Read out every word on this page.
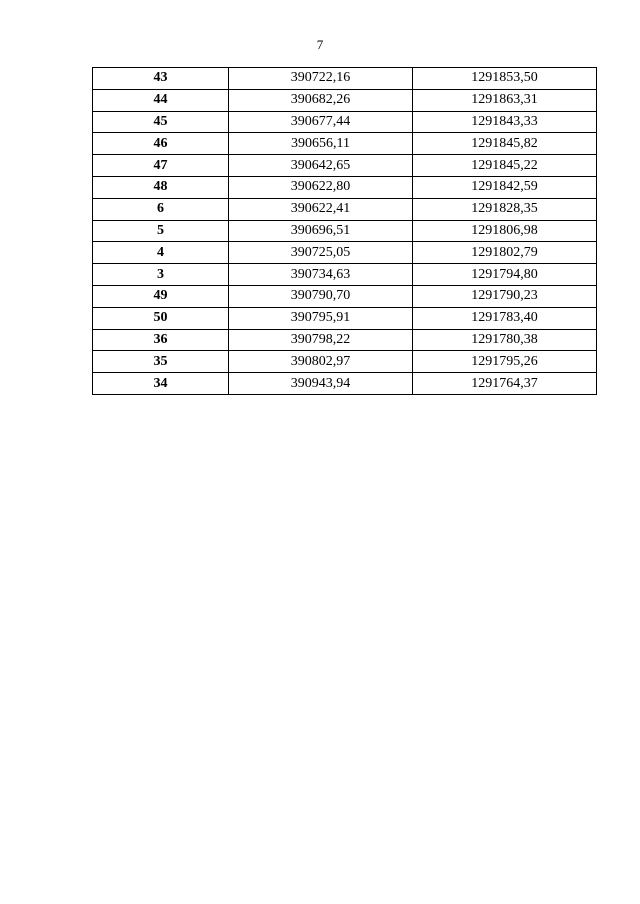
7
43	390722,16	1291853,50
44	390682,26	1291863,31
45	390677,44	1291843,33
46	390656,11	1291845,82
47	390642,65	1291845,22
48	390622,80	1291842,59
6	390622,41	1291828,35
5	390696,51	1291806,98
4	390725,05	1291802,79
3	390734,63	1291794,80
49	390790,70	1291790,23
50	390795,91	1291783,40
36	390798,22	1291780,38
35	390802,97	1291795,26
34	390943,94	1291764,37
